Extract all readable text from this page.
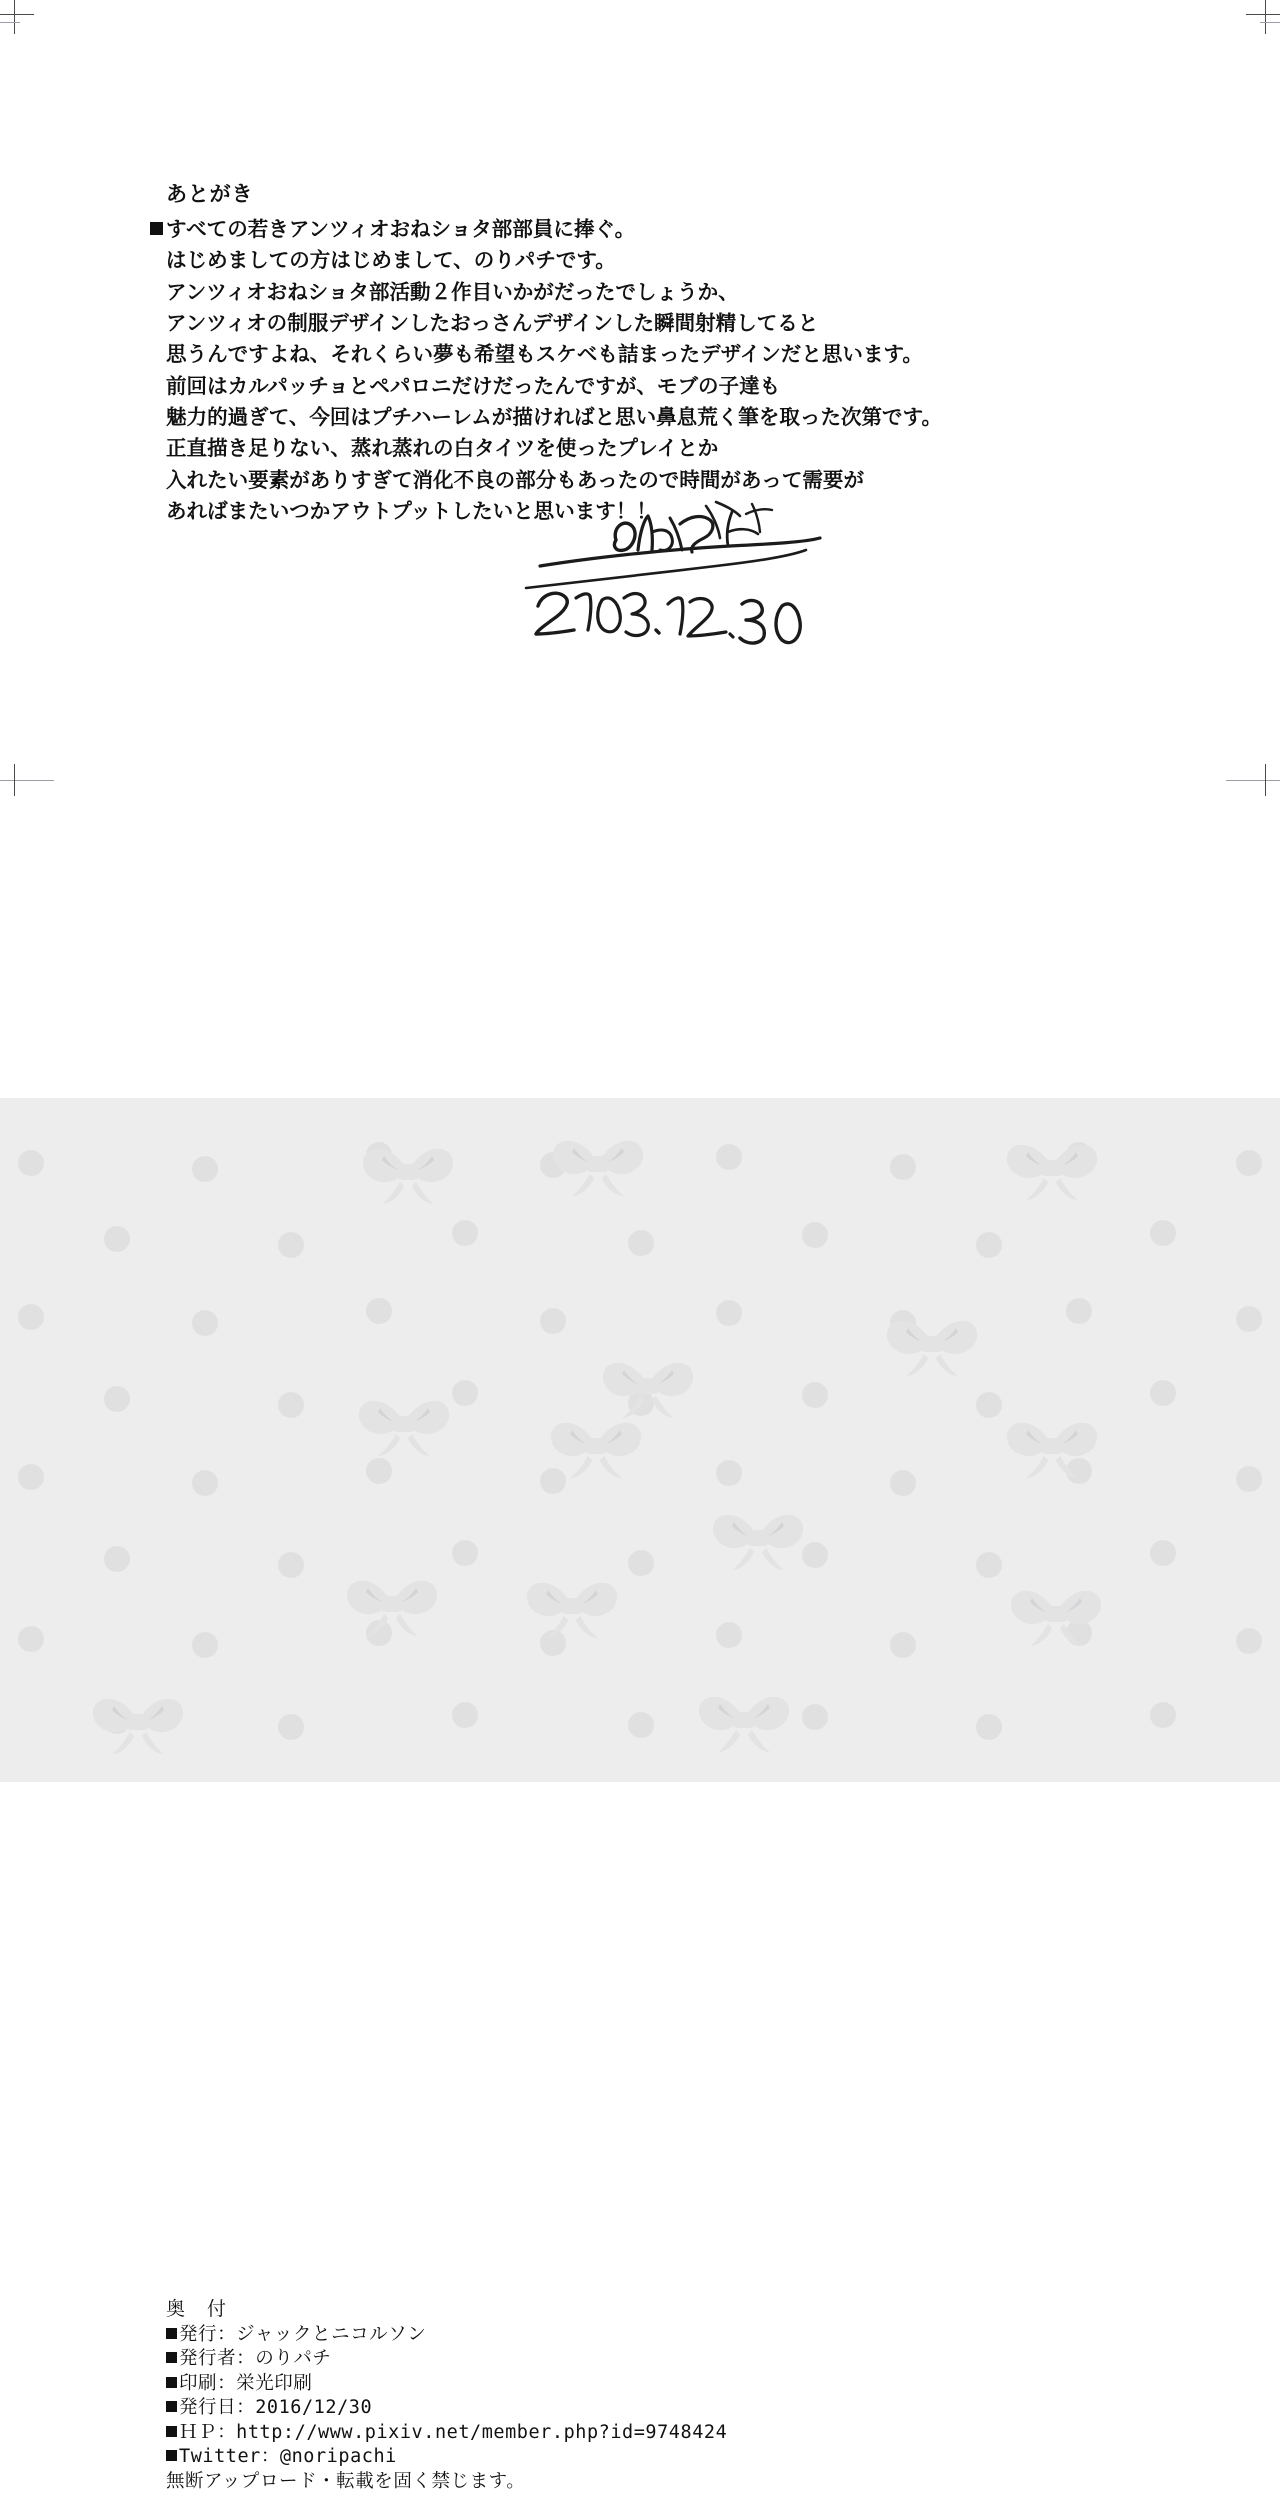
あとがき

すべての若きアンツィオおねショタ部部員に捧ぐ。

はじめましての方はじめまして、のりパチです。

アンツィオおねショタ部活動２作目いかがだったでしょうか、

アンツィオの制服デザインしたおっさんデザインした瞬間射精してると

思うんですよね、それくらい夢も希望もスケベも詰まったデザインだと思います。

前回はカルパッチョとペパロニだけだったんですが、モブの子達も

魅力的過ぎて、今回はプチハーレムが描ければと思い鼻息荒く筆を取った次第です。

正直描き足りない、蒸れ蒸れの白タイツを使ったプレイとか

入れたい要素がありすぎて消化不良の部分もあったので時間があって需要が

あればまたいつかアウトプットしたいと思います！！

奥　付
発行：ジャックとニコルソン
発行者：のりパチ
印刷：栄光印刷
発行日：2016/12/30
ＨＰ：http://www.pixiv.net/member.php?id=9748424
Twitter：@noripachi
無断アップロード・転載を固く禁じます。
